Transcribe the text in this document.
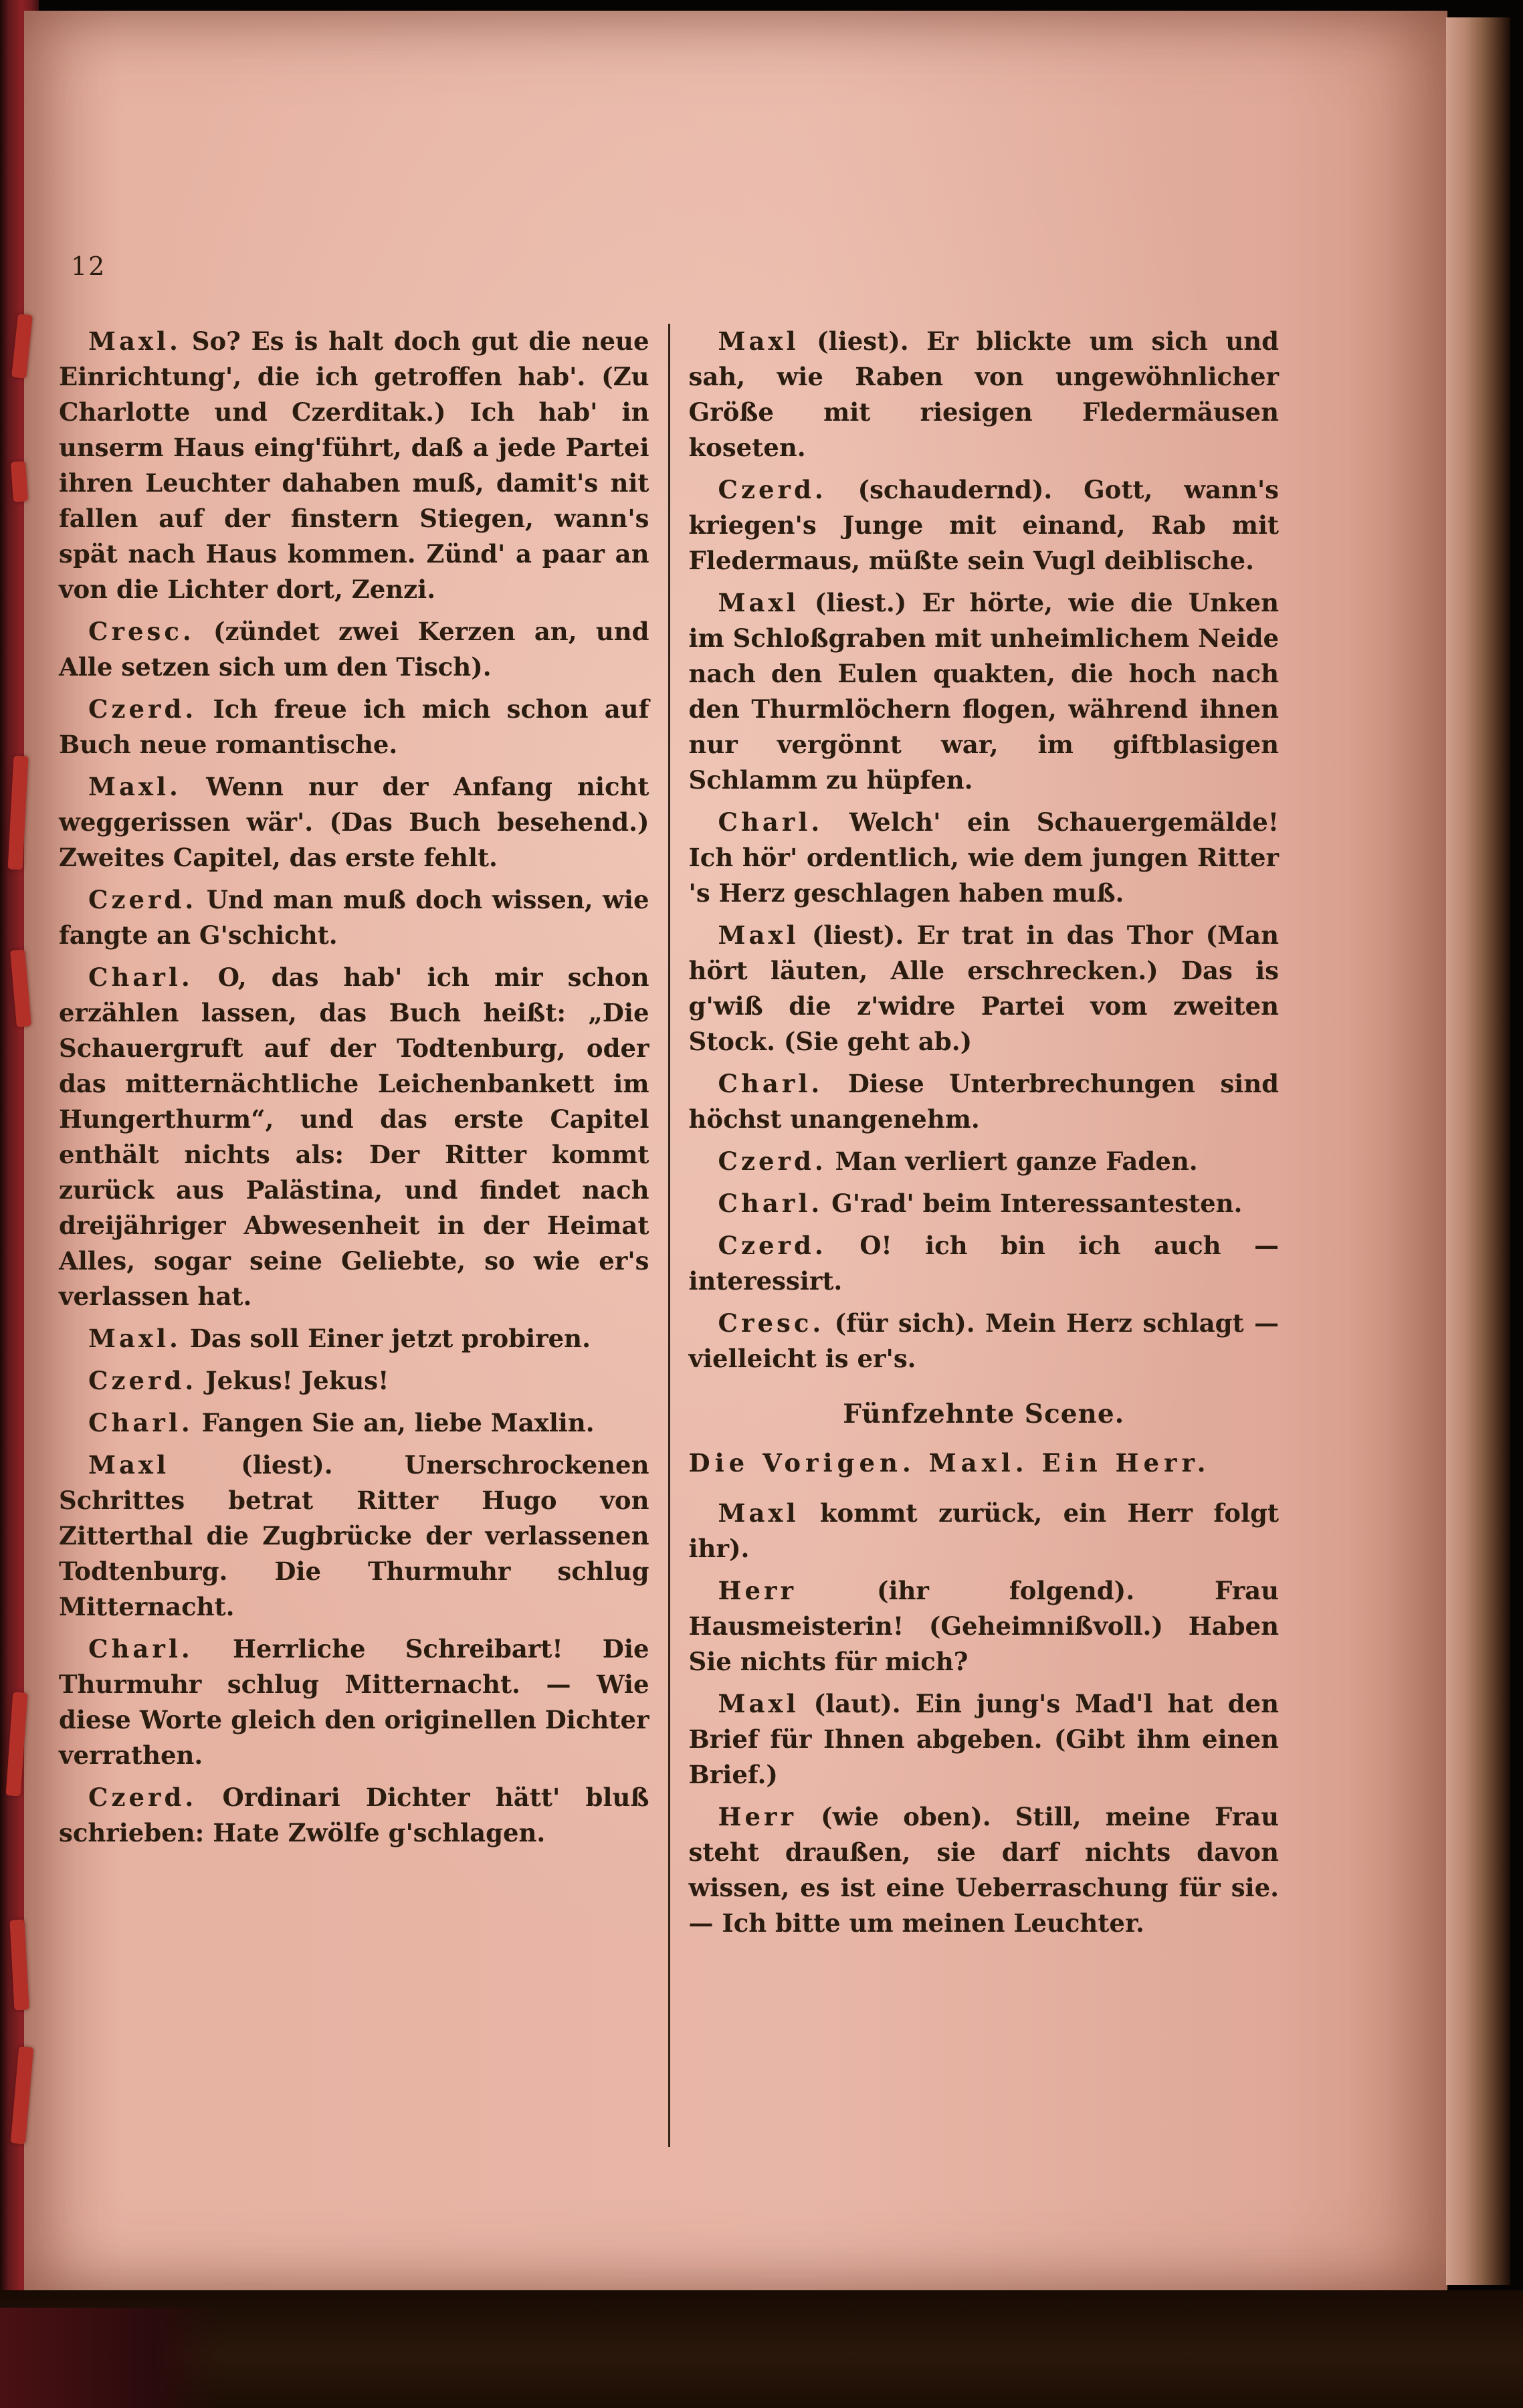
12

Maxl. So? Es is halt doch gut die neue Einrichtung', die ich getroffen hab'. (Zu Charlotte und Czerditak.) Ich hab' in unserm Haus eing'führt, daß a jede Partei ihren Leuchter dahaben muß, damit's nit fallen auf der finstern Stiegen, wann's spät nach Haus kommen. Zünd' a paar an von die Lichter dort, Zenzi.

Cresc. (zündet zwei Kerzen an, und Alle setzen sich um den Tisch).

Czerd. Ich freue ich mich schon auf Buch neue romantische.

Maxl. Wenn nur der Anfang nicht weggerissen wär'. (Das Buch besehend.) Zweites Capitel, das erste fehlt.

Czerd. Und man muß doch wissen, wie fangte an G'schicht.

Charl. O, das hab' ich mir schon erzählen lassen, das Buch heißt: „Die Schauergruft auf der Todtenburg, oder das mitternächtliche Leichenbankett im Hungerthurm“, und das erste Capitel enthält nichts als: Der Ritter kommt zurück aus Palästina, und findet nach dreijähriger Abwesenheit in der Heimat Alles, sogar seine Geliebte, so wie er's verlassen hat.

Maxl. Das soll Einer jetzt probiren.

Czerd. Jekus! Jekus!

Charl. Fangen Sie an, liebe Maxlin.

Maxl	(liest). Unerschrockenen Schrittes betrat Ritter Hugo von Zitterthal die Zugbrücke der verlassenen Todtenburg. Die Thurmuhr schlug Mitternacht.

Charl. Herrliche Schreibart! Die Thurmuhr schlug Mitternacht. — Wie diese Worte gleich den originellen Dichter verrathen.

Czerd. Ordinari Dichter hätt' bluß schrieben: Hate Zwölfe g'schlagen.

Maxl (liest). Er blickte um sich und sah, wie Raben von ungewöhnlicher Größe mit riesigen Fledermäusen koseten.

Czerd. (schaudernd). Gott, wann's kriegen's Junge mit einand, Rab mit Fledermaus, müßte sein Vugl deiblische.

Maxl (liest.) Er hörte, wie die Unken im Schloßgraben mit unheimlichem Neide nach den Eulen quakten, die hoch nach den Thurmlöchern flogen, während ihnen nur vergönnt war, im giftblasigen Schlamm zu hüpfen.

Charl. Welch' ein Schauergemälde! Ich hör' ordentlich, wie dem jungen Ritter 's Herz geschlagen haben muß.

Maxl (liest). Er trat in das Thor (Man hört läuten, Alle erschrecken.) Das is g'wiß die z'widre Partei vom zweiten Stock. (Sie geht ab.)

Charl. Diese Unterbrechungen sind höchst unangenehm.

Czerd. Man verliert ganze Faden.

Charl. G'rad' beim Interessantesten.

Czerd. O! ich bin ich auch — interessirt.

Cresc. (für sich). Mein Herz schlagt — vielleicht is er's.

Fünfzehnte Scene.

Die Vorigen. Maxl. Ein Herr.

Maxl kommt zurück, ein Herr folgt ihr).

Herr	(ihr folgend). Frau Hausmeisterin! (Geheimnißvoll.) Haben Sie nichts für mich?

Maxl (laut). Ein jung's Mad'l hat den Brief für Ihnen abgeben. (Gibt ihm einen Brief.)

Herr (wie oben). Still, meine Frau steht draußen, sie darf nichts davon wissen, es ist eine Ueberraschung für sie. — Ich bitte um meinen Leuchter.
